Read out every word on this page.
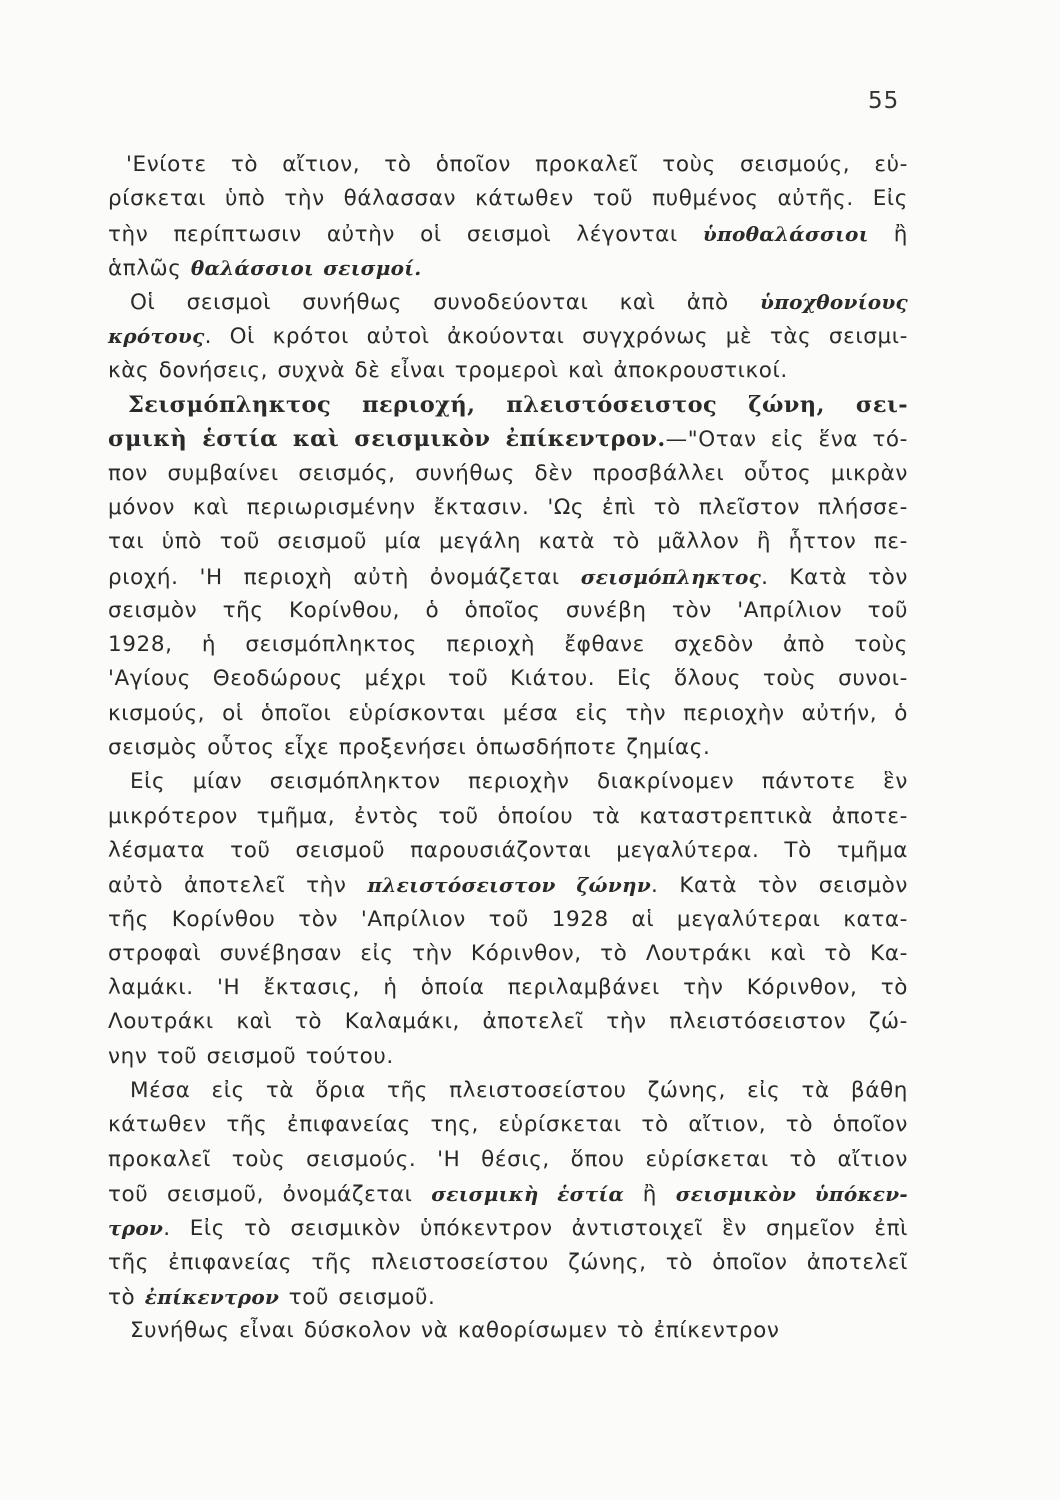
55
'Ενίοτε τὸ αἴτιον, τὸ ὁποῖον προκαλεῖ τοὺς σεισμούς, εὑ-
ρίσκεται ὑπὸ τὴν θάλασσαν κάτωθεν τοῦ πυθμένος αὐτῆς. Εἰς
τὴν περίπτωσιν αὐτὴν οἱ σεισμοὶ λέγονται ὑποθαλάσσιοι ἢ
ἁπλῶς θαλάσσιοι σεισμοί.
Οἱ σεισμοὶ συνήθως συνοδεύονται καὶ ἀπὸ ὑποχθονίους
κρότους. Οἱ κρότοι αὐτοὶ ἀκούονται συγχρόνως μὲ τὰς σεισμι-
κὰς δονήσεις, συχνὰ δὲ εἶναι τρομεροὶ καὶ ἀποκρουστικοί.
Σεισμόπληκτος περιοχή, πλειστόσειστος ζώνη, σει-
σμικὴ ἑστία καὶ σεισμικὸν ἐπίκεντρον.—"Οταν εἰς ἕνα τό-
πον συμβαίνει σεισμός, συνήθως δὲν προσβάλλει οὗτος μικρὰν
μόνον καὶ περιωρισμένην ἔκτασιν. 'Ως ἐπὶ τὸ πλεῖστον πλήσσε-
ται ὑπὸ τοῦ σεισμοῦ μία μεγάλη κατὰ τὸ μᾶλλον ἢ ἧττον πε-
ριοχή. 'Η περιοχὴ αὐτὴ ὀνομάζεται σεισμόπληκτος. Κατὰ τὸν
σεισμὸν τῆς Κορίνθου, ὁ ὁποῖος συνέβη τὸν 'Απρίλιον τοῦ
1928, ἡ σεισμόπληκτος περιοχὴ ἔφθανε σχεδὸν ἀπὸ τοὺς
'Αγίους Θεοδώρους μέχρι τοῦ Κιάτου. Εἰς ὅλους τοὺς συνοι-
κισμούς, οἱ ὁποῖοι εὑρίσκονται μέσα εἰς τὴν περιοχὴν αὐτήν, ὁ
σεισμὸς οὗτος εἶχε προξενήσει ὁπωσδήποτε ζημίας.
Εἰς μίαν σεισμόπληκτον περιοχὴν διακρίνομεν πάντοτε ἓν
μικρότερον τμῆμα, ἐντὸς τοῦ ὁποίου τὰ καταστρεπτικὰ ἀποτε-
λέσματα τοῦ σεισμοῦ παρουσιάζονται μεγαλύτερα. Τὸ τμῆμα
αὐτὸ ἀποτελεῖ τὴν πλειστόσειστον ζώνην. Κατὰ τὸν σεισμὸν
τῆς Κορίνθου τὸν 'Απρίλιον τοῦ 1928 αἱ μεγαλύτεραι κατα-
στροφαὶ συνέβησαν εἰς τὴν Κόρινθον, τὸ Λουτράκι καὶ τὸ Κα-
λαμάκι. 'Η ἔκτασις, ἡ ὁποία περιλαμβάνει τὴν Κόρινθον, τὸ
Λουτράκι καὶ τὸ Καλαμάκι, ἀποτελεῖ τὴν πλειστόσειστον ζώ-
νην τοῦ σεισμοῦ τούτου.
Μέσα εἰς τὰ ὅρια τῆς πλειστοσείστου ζώνης, εἰς τὰ βάθη
κάτωθεν τῆς ἐπιφανείας της, εὑρίσκεται τὸ αἴτιον, τὸ ὁποῖον
προκαλεῖ τοὺς σεισμούς. 'Η θέσις, ὅπου εὑρίσκεται τὸ αἴτιον
τοῦ σεισμοῦ, ὀνομάζεται σεισμικὴ ἑστία ἢ σεισμικὸν ὑπόκεν-
τρον. Εἰς τὸ σεισμικὸν ὑπόκεντρον ἀντιστοιχεῖ ἓν σημεῖον ἐπὶ
τῆς ἐπιφανείας τῆς πλειστοσείστου ζώνης, τὸ ὁποῖον ἀποτελεῖ
τὸ ἐπίκεντρον τοῦ σεισμοῦ.
Συνήθως εἶναι δύσκολον νὰ καθορίσωμεν τὸ ἐπίκεντρον
